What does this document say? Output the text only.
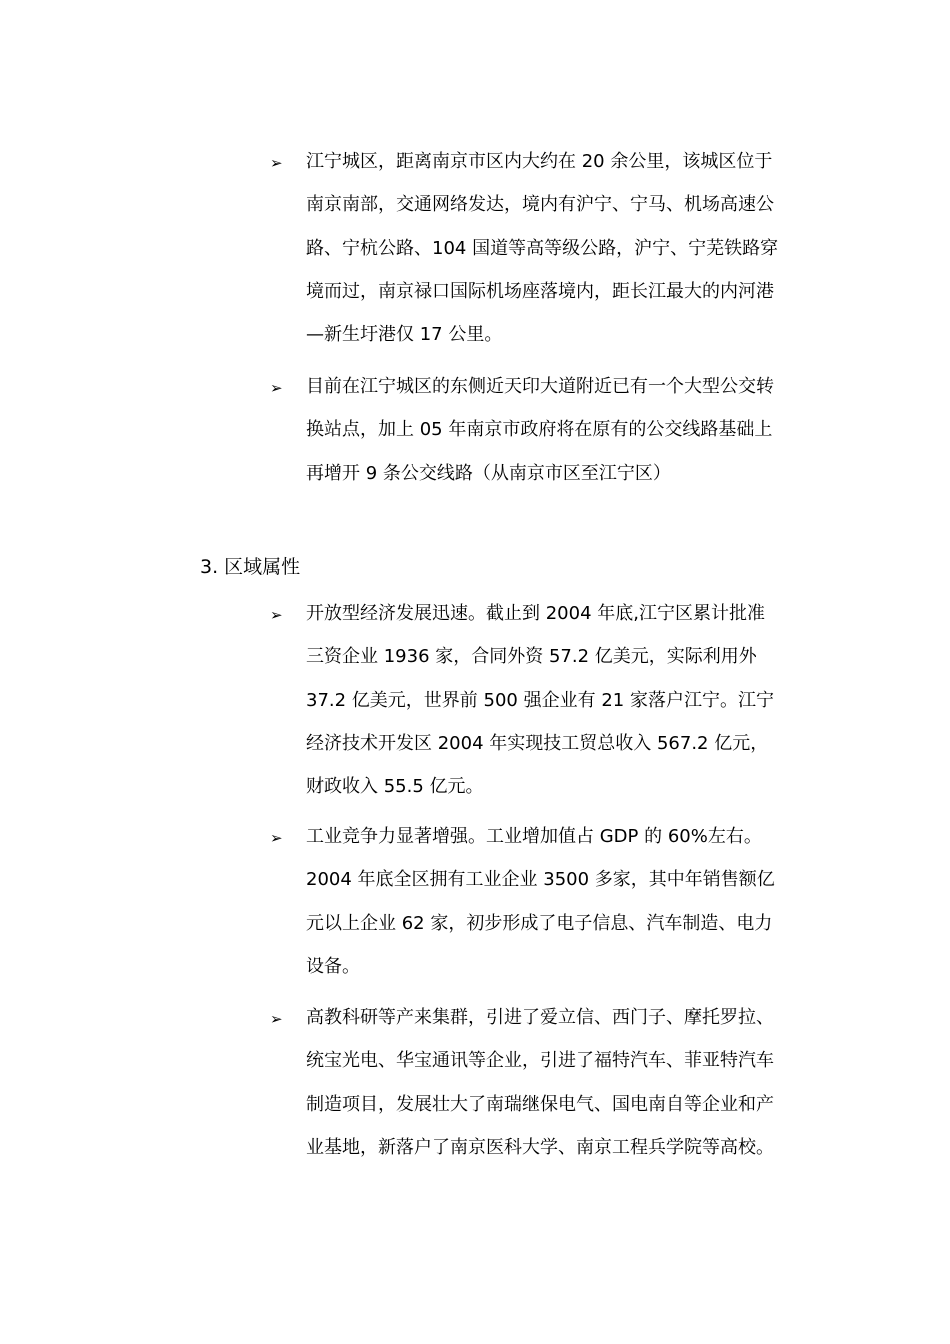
➢ 江宁城区，距离南京市区内大约在 20 余公里，该城区位于
南京南部，交通网络发达，境内有沪宁、宁马、机场高速公
路、宁杭公路、104 国道等高等级公路，沪宁、宁芜铁路穿
境而过，南京禄口国际机场座落境内，距长江最大的内河港
—新生圩港仅 17 公里。
➢ 目前在江宁城区的东侧近天印大道附近已有一个大型公交转
换站点，加上 05 年南京市政府将在原有的公交线路基础上
再增开 9 条公交线路（从南京市区至江宁区）
3. 区域属性
➢ 开放型经济发展迅速。截止到 2004 年底,江宁区累计批准
三资企业 1936 家，合同外资 57.2 亿美元，实际利用外
37.2 亿美元，世界前 500 强企业有 21 家落户江宁。江宁
经济技术开发区 2004 年实现技工贸总收入 567.2 亿元，
财政收入 55.5 亿元。
➢ 工业竞争力显著增强。工业增加值占 GDP 的 60%左右。
2004 年底全区拥有工业企业 3500 多家，其中年销售额亿
元以上企业 62 家，初步形成了电子信息、汽车制造、电力
设备。
➢ 高教科研等产来集群，引进了爱立信、西门子、摩托罗拉、
统宝光电、华宝通讯等企业，引进了福特汽车、菲亚特汽车
制造项目，发展壮大了南瑞继保电气、国电南自等企业和产
业基地，新落户了南京医科大学、南京工程兵学院等高校。
